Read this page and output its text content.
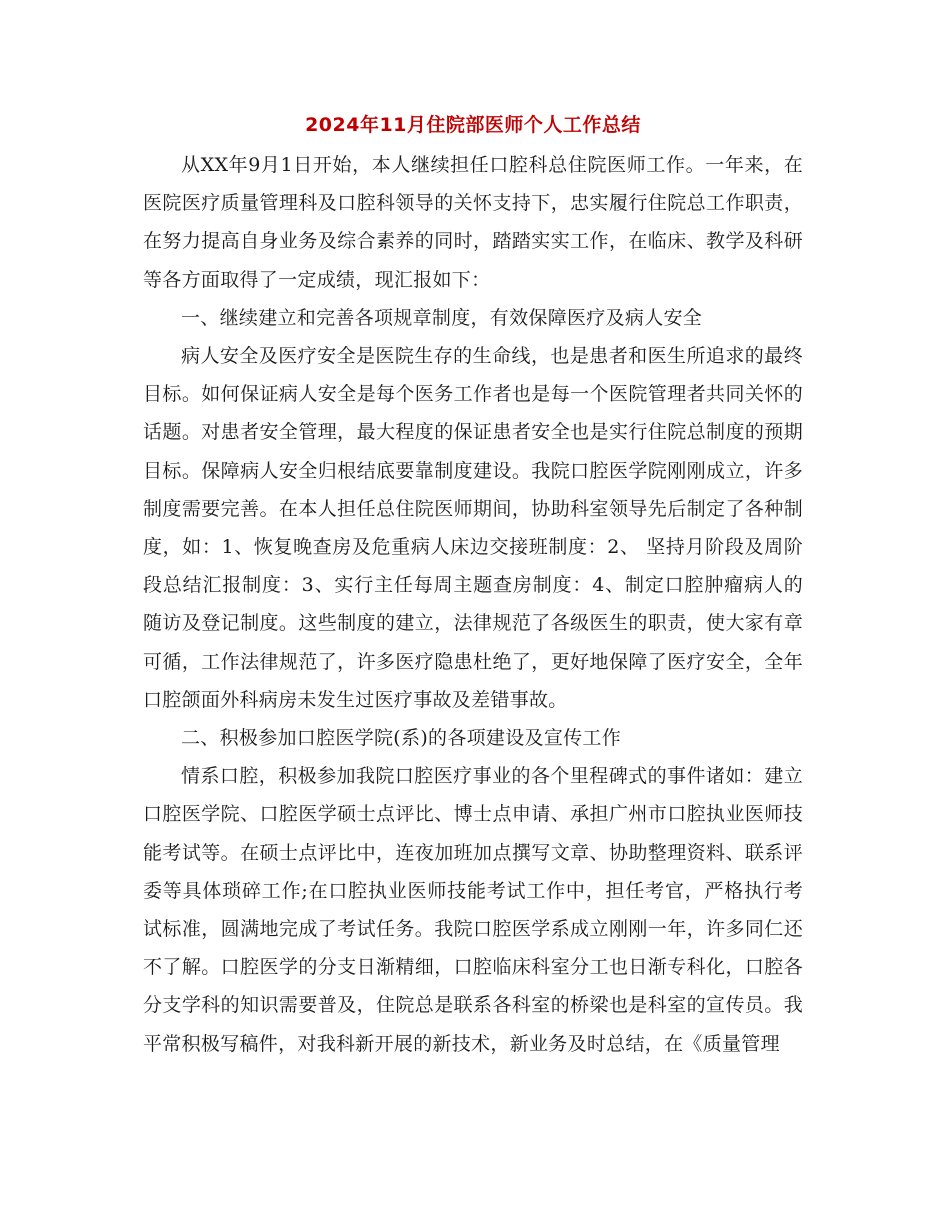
2024年11月住院部医师个人工作总结

从XX年9月1日开始，本人继续担任口腔科总住院医师工作。一年来，在医院医疗质量管理科及口腔科领导的关怀支持下，忠实履行住院总工作职责，在努力提高自身业务及综合素养的同时，踏踏实实工作，在临床、教学及科研等各方面取得了一定成绩，现汇报如下：

一、继续建立和完善各项规章制度，有效保障医疗及病人安全

病人安全及医疗安全是医院生存的生命线，也是患者和医生所追求的最终目标。如何保证病人安全是每个医务工作者也是每一个医院管理者共同关怀的话题。对患者安全管理，最大程度的保证患者安全也是实行住院总制度的预期目标。保障病人安全归根结底要靠制度建设。我院口腔医学院刚刚成立，许多制度需要完善。在本人担任总住院医师期间，协助科室领导先后制定了各种制度，如：1、恢复晚查房及危重病人床边交接班制度：2、 坚持月阶段及周阶段总结汇报制度：3、实行主任每周主题查房制度：4、制定口腔肿瘤病人的随访及登记制度。这些制度的建立，法律规范了各级医生的职责，使大家有章可循，工作法律规范了，许多医疗隐患杜绝了，更好地保障了医疗安全，全年口腔颌面外科病房未发生过医疗事故及差错事故。

二、积极参加口腔医学院(系)的各项建设及宣传工作

情系口腔，积极参加我院口腔医疗事业的各个里程碑式的事件诸如：建立口腔医学院、口腔医学硕士点评比、博士点申请、承担广州市口腔执业医师技能考试等。在硕士点评比中，连夜加班加点撰写文章、协助整理资料、联系评委等具体琐碎工作;在口腔执业医师技能考试工作中，担任考官，严格执行考试标准，圆满地完成了考试任务。我院口腔医学系成立刚刚一年，许多同仁还不了解。口腔医学的分支日渐精细，口腔临床科室分工也日渐专科化，口腔各分支学科的知识需要普及，住院总是联系各科室的桥梁也是科室的宣传员。我平常积极写稿件，对我科新开展的新技术，新业务及时总结，在《质量管理
